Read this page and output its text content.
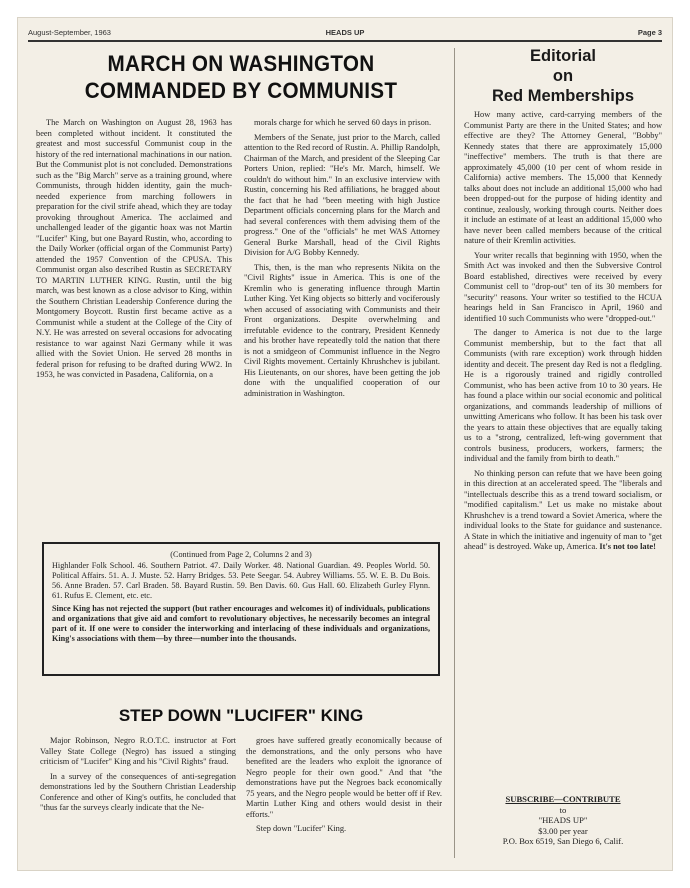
August-September, 1963	HEADS UP	Page 3
MARCH ON WASHINGTON COMMANDED BY COMMUNIST

The March on Washington on August 28, 1963 has been completed without incident. It constituted the greatest and most successful Communist coup in the history of the red international machinations in our nation. But the Communist plot is not concluded. Demonstrations such as the "Big March" serve as a training ground, where Communists, through hidden identity, gain the much-needed experience from marching followers in preparation for the civil strife ahead, which they are today provoking throughout America. The acclaimed and unchallenged leader of the gigantic hoax was not Martin "Lucifer" King, but one Bayard Rustin, who, according to the Daily Worker (official organ of the Communist Party) attended the 1957 Convention of the CPUSA. This Communist organ also described Rustin as SECRETARY TO MARTIN LUTHER KING. Rustin, until the big march, was best known as a close advisor to King, within the Southern Christian Leadership Conference during the Montgomery Boycott. Rustin first became active as a Communist while a student at the College of the City of N.Y. He was arrested on several occasions for advocating resistance to war against Nazi Germany while it was allied with the Soviet Union. He served 28 months in federal prison for refusing to be drafted during WW2. In 1953, he was convicted in Pasadena, California, on a

morals charge for which he served 60 days in prison.

Members of the Senate, just prior to the March, called attention to the Red record of Rustin. A. Phillip Randolph, Chairman of the March, and president of the Sleeping Car Porters Union, replied: "He's Mr. March, himself. We couldn't do without him." In an exclusive interview with Rustin, concerning his Red affiliations, he bragged about the fact that he had "been meeting with high Justice Department officials concerning plans for the March and had several conferences with them advising them of the progress." One of the "officials" he met WAS Attorney General Burke Marshall, head of the Civil Rights Division for A/G Bobby Kennedy.

This, then, is the man who represents Nikita on the "Civil Rights" issue in America. This is one of the Kremlin who is generating influence through Martin Luther King. Yet King objects so bitterly and vociferously when accused of associating with Communists and their Front organizations. Despite overwhelming and irrefutable evidence to the contrary, President Kennedy and his brother have repeatedly told the nation that there is not a smidgeon of Communist influence in the Negro Civil Rights movement. Certainly Khrushchev is jubilant. His Lieutenants, on our shores, have been getting the job done with the unqualified cooperation of our administration in Washington.

Editorial
on
Red Memberships

How many active, card-carrying members of the Communist Party are there in the United States; and how effective are they? The Attorney General, "Bobby" Kennedy states that there are approximately 15,000 "ineffective" members. The truth is that there are approximately 45,000 (10 per cent of whom reside in California) active members. The 15,000 that Kennedy talks about does not include an additional 15,000 who had been dropped-out for the purpose of hiding identity and continue, zealously, working through courts. Neither does it include an estimate of at least an additional 15,000 who have never been called members because of the critical nature of their Kremlin activities.

Your writer recalls that beginning with 1950, when the Smith Act was invoked and then the Subversive Control Board established, directives were received by every Communist cell to "drop-out" ten of its 30 members for "security" reasons. Your writer so testified to the HCUA hearings held in San Francisco in April, 1960 and identified 10 such Communists who were "dropped-out."

The danger to America is not due to the large Communist membership, but to the fact that all Communists (with rare exception) work through hidden identity and deceit. The present day Red is not a fledgling. He is a rigorously trained and rigidly controlled Communist, who has been active from 10 to 30 years. He has found a place within our social economic and political organizations, and commands leadership of millions of unwitting Americans who follow. It has been his task over the years to attain these objectives that are equally taking us to a "strong, centralized, left-wing government that controls business, producers, workers, farmers; the individual and the family from birth to death."

No thinking person can refute that we have been going in this direction at an accelerated speed. The "liberals and "intellectuals describe this as a trend toward socialism, or "modified capitalism." Let us make no mistake about Khrushchev is a trend toward a Soviet America, where the individual looks to the State for guidance and sustenance. A State in which the initiative and ingenuity of man to "get ahead" is destroyed. Wake up, America. It's not too late!

SUBSCRIBE—CONTRIBUTE
to
"HEADS UP"
$3.00 per year
P.O. Box 6519, San Diego 6, Calif.
(Continued from Page 2, Columns 2 and 3)
Highlander Folk School. 46. Southern Patriot. 47. Daily Worker. 48. National Guardian. 49. Peoples World. 50. Political Affairs. 51. A. J. Muste. 52. Harry Bridges. 53. Pete Seegar. 54. Aubrey Williams. 55. W. E. B. Du Bois. 56. Anne Braden. 57. Carl Braden. 58. Bayard Rustin. 59. Ben Davis. 60. Gus Hall. 60. Elizabeth Gurley Flynn. 61. Rufus E. Clement, etc. etc.
Since King has not rejected the support (but rather encourages and welcomes it) of individuals, publications and organizations that give aid and comfort to revolutionary objectives, he necessarily becomes an integral part of it. If one were to consider the interworking and interlacing of these individuals and organizations, King's associations with them—by three—number into the thousands.
STEP DOWN "LUCIFER" KING

Major Robinson, Negro R.O.T.C. instructor at Fort Valley State College (Negro) has issued a stinging criticism of "Lucifer" King and his "Civil Rights" fraud.

In a survey of the consequences of anti-segregation demonstrations led by the Southern Christian Leadership Conference and other of King's outfits, he concluded that "thus far the surveys clearly indicate that the Ne-

groes have suffered greatly economically because of the demonstrations, and the only persons who have benefited are the leaders who exploit the ignorance of Negro people for their own good." And that "the demonstrations have put the Negroes back economically 75 years, and the Negro people would be better off if Rev. Martin Luther King and others would desist in their efforts."

Step down "Lucifer" King.
